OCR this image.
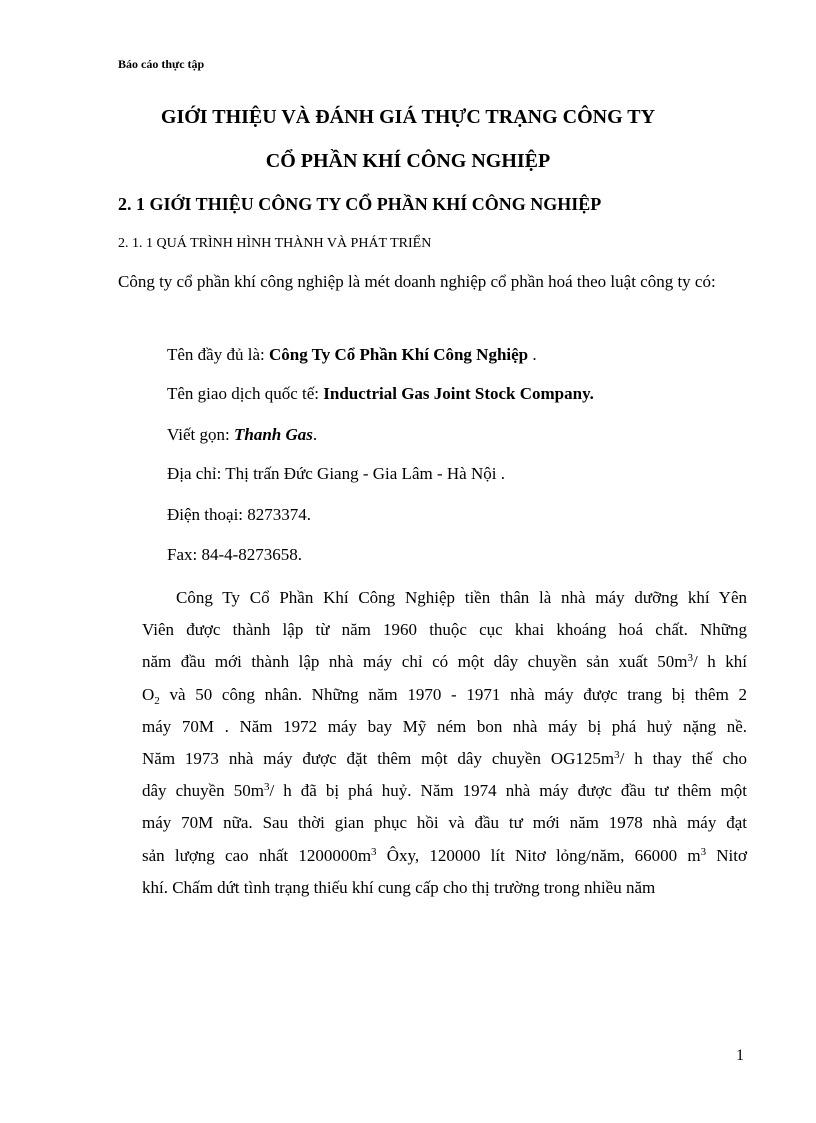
Báo cáo thực tập
GIỚI THIỆU VÀ ĐÁNH GIÁ THỰC TRẠNG CÔNG TY
CỔ PHẦN KHÍ CÔNG NGHIỆP
2. 1 GIỚI THIỆU CÔNG TY CỔ PHẦN KHÍ CÔNG NGHIỆP
2. 1. 1 QUÁ TRÌNH HÌNH THÀNH VÀ PHÁT TRIỂN
Công ty cổ phần khí công nghiệp là mét doanh nghiệp cổ phần hoá theo luật công ty có:
Tên đầy đủ là: Công Ty Cổ Phần Khí Công Nghiệp .
Tên giao dịch quốc tế: Inductrial Gas Joint Stock Company.
Viết gọn: Thanh Gas.
Địa chỉ: Thị trấn Đức Giang - Gia Lâm - Hà Nội .
Điện thoại: 8273374.
Fax: 84-4-8273658.
Công Ty Cổ Phần Khí Công Nghiệp tiền thân là nhà máy dưỡng khí Yên
Viên được thành lập từ năm 1960 thuộc cục khai khoáng hoá chất. Những
năm đầu mới thành lập nhà máy chỉ có một dây chuyền sản xuất $50m^3/$ h khí
$O_2$ và 50 công nhân. Những năm 1970 - 1971 nhà máy được trang bị thêm 2
máy 70M . Năm 1972 máy bay Mỹ ném bon nhà máy bị phá huỷ nặng nề.
Năm 1973 nhà máy được đặt thêm một dây chuyền $OG125m^3/$ h thay thế cho
dây chuyền $50m^3/$ h đã bị phá huỷ. Năm 1974 nhà máy được đầu tư thêm một
máy 70M nữa. Sau thời gian phục hồi và đầu tư mới năm 1978 nhà máy đạt
sản lượng cao nhất $1200000m^3$ Ôxy, 120000 lít Nitơ lỏng/năm, 66000 $m^3$ Nitơ
khí. Chấm dứt tình trạng thiếu khí cung cấp cho thị trường trong nhiều năm
1
